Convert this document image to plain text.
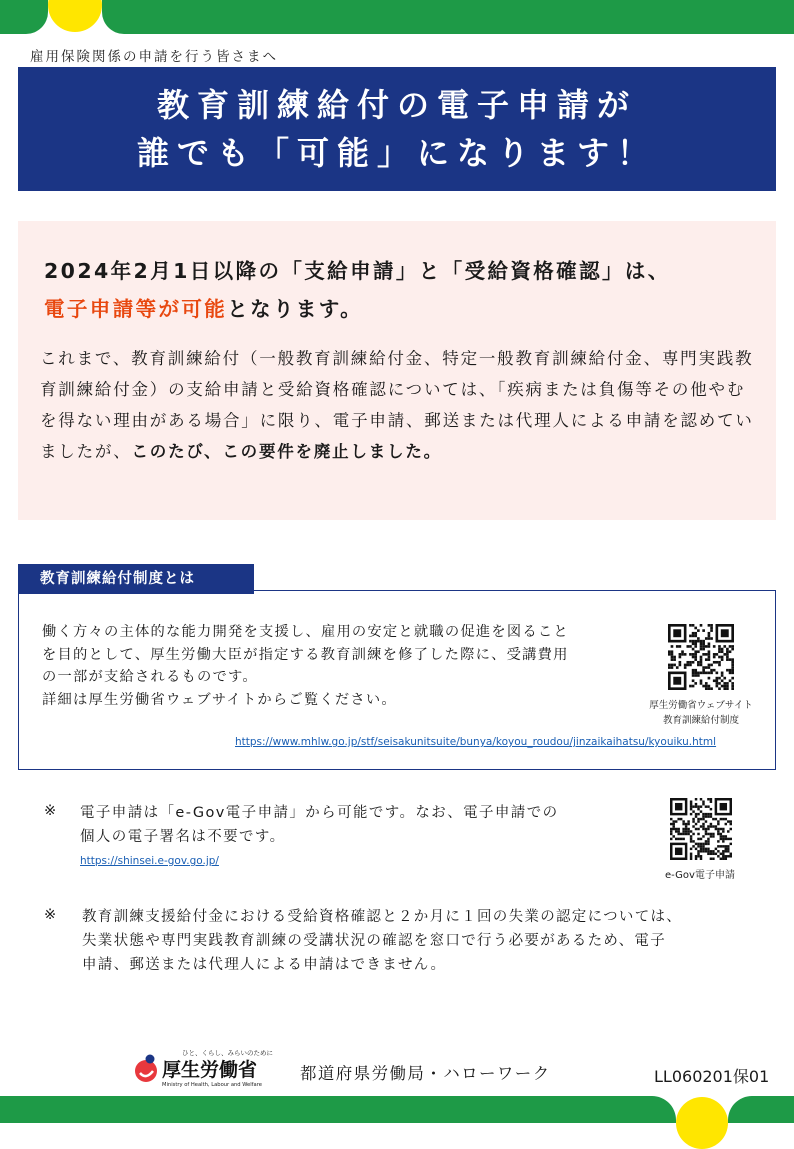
雇用保険関係の申請を行う皆さまへ
教育訓練給付の電子申請が
誰でも「可能」になります！
2024年2月1日以降の「支給申請」と「受給資格確認」は、
電子申請等が可能となります。
これまで、教育訓練給付（一般教育訓練給付金、特定一般教育訓練給付金、専門実践教育訓練給付金）の支給申請と受給資格確認については、「疾病または負傷等その他やむを得ない理由がある場合」に限り、電子申請、郵送または代理人による申請を認めていましたが、このたび、この要件を廃止しました。
教育訓練給付制度とは
働く方々の主体的な能力開発を支援し、雇用の安定と就職の促進を図ること
を目的として、厚生労働大臣が指定する教育訓練を修了した際に、受講費用
の一部が支給されるものです。
詳細は厚生労働省ウェブサイトからご覧ください。	厚生労働省ウェブサイト
教育訓練給付制度
https://www.mhlw.go.jp/stf/seisakunitsuite/bunya/koyou_roudou/jinzaikaihatsu/kyouiku.html
※ 電子申請は「e-Gov電子申請」から可能です。なお、電子申請での
個人の電子署名は不要です。
https://shinsei.e-gov.go.jp/
e-Gov電子申請
※ 教育訓練支援給付金における受給資格確認と２か月に１回の失業の認定については、
失業状態や専門実践教育訓練の受講状況の確認を窓口で行う必要があるため、電子
申請、郵送または代理人による申請はできません。
ひと、くらし、みらいのために
厚生労働省
Ministry of Health, Labour and Welfare
都道府県労働局・ハローワーク	LL060201保01
